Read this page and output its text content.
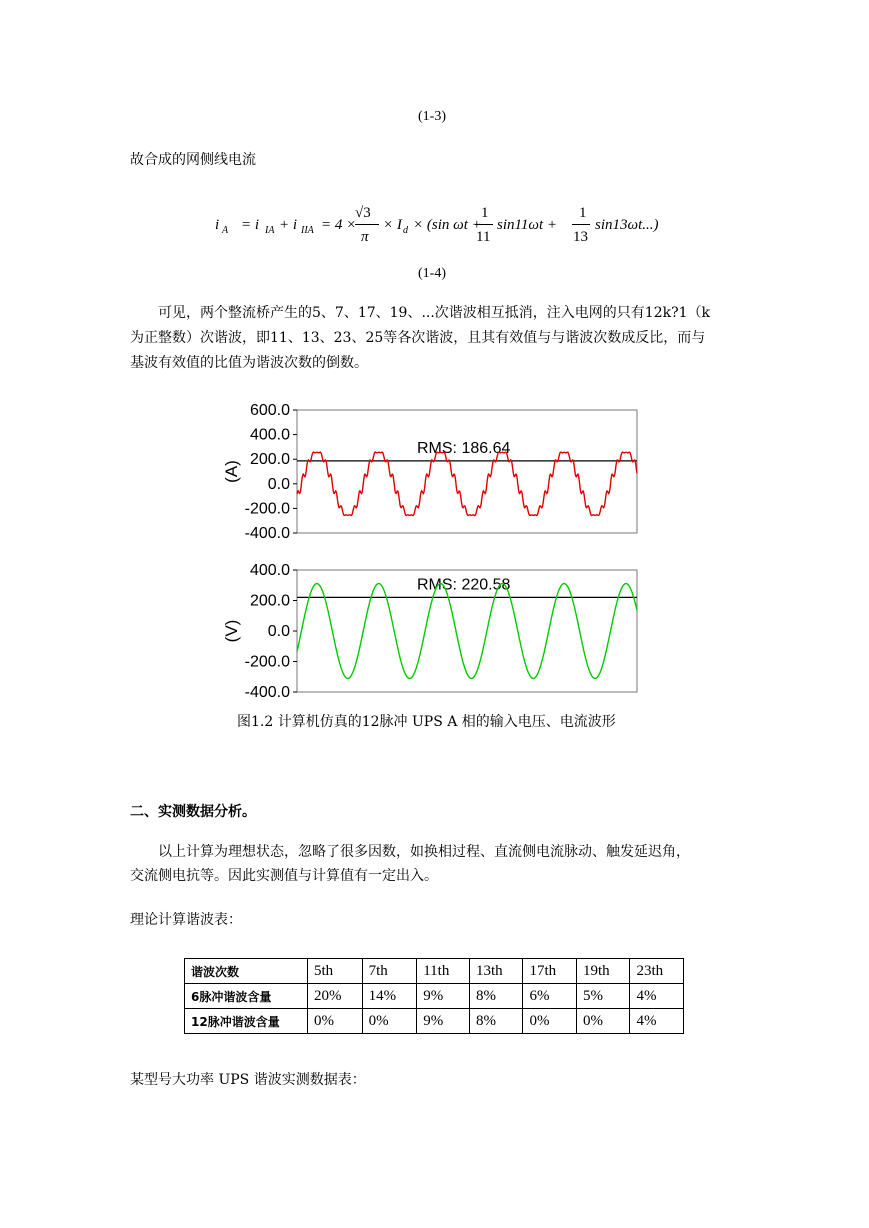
(1-3)
故合成的网侧线电流
i A = i IA + i IIA = 4 ×
√3
π
× I d × (sin ωt +
1
11
sin11ωt +
1
13
sin13ωt...)
(1-4)
可见，两个整流桥产生的5、7、17、19、...次谐波相互抵消，注入电网的只有12k?1（k
为正整数）次谐波，即11、13、23、25等各次谐波，且其有效值与与谐波次数成反比，而与
基波有效值的比值为谐波次数的倒数。
600.0
400.0
200.0
0.0
-200.0
-400.0
(A)
RMS: 186.64
400.0
200.0
0.0
-200.0
-400.0
(V)
RMS: 220.58
图1.2 计算机仿真的12脉冲 UPS A 相的输入电压、电流波形
二、实测数据分析。
以上计算为理想状态，忽略了很多因数，如换相过程、直流侧电流脉动、触发延迟角，
交流侧电抗等。因此实测值与计算值有一定出入。
理论计算谐波表：
谐波次数	5th	7th	11th	13th	17th	19th	23th
6脉冲谐波含量	20%	14%	9%	8%	6%	5%	4%
12脉冲谐波含量	0%	0%	9%	8%	0%	0%	4%
某型号大功率 UPS 谐波实测数据表：
